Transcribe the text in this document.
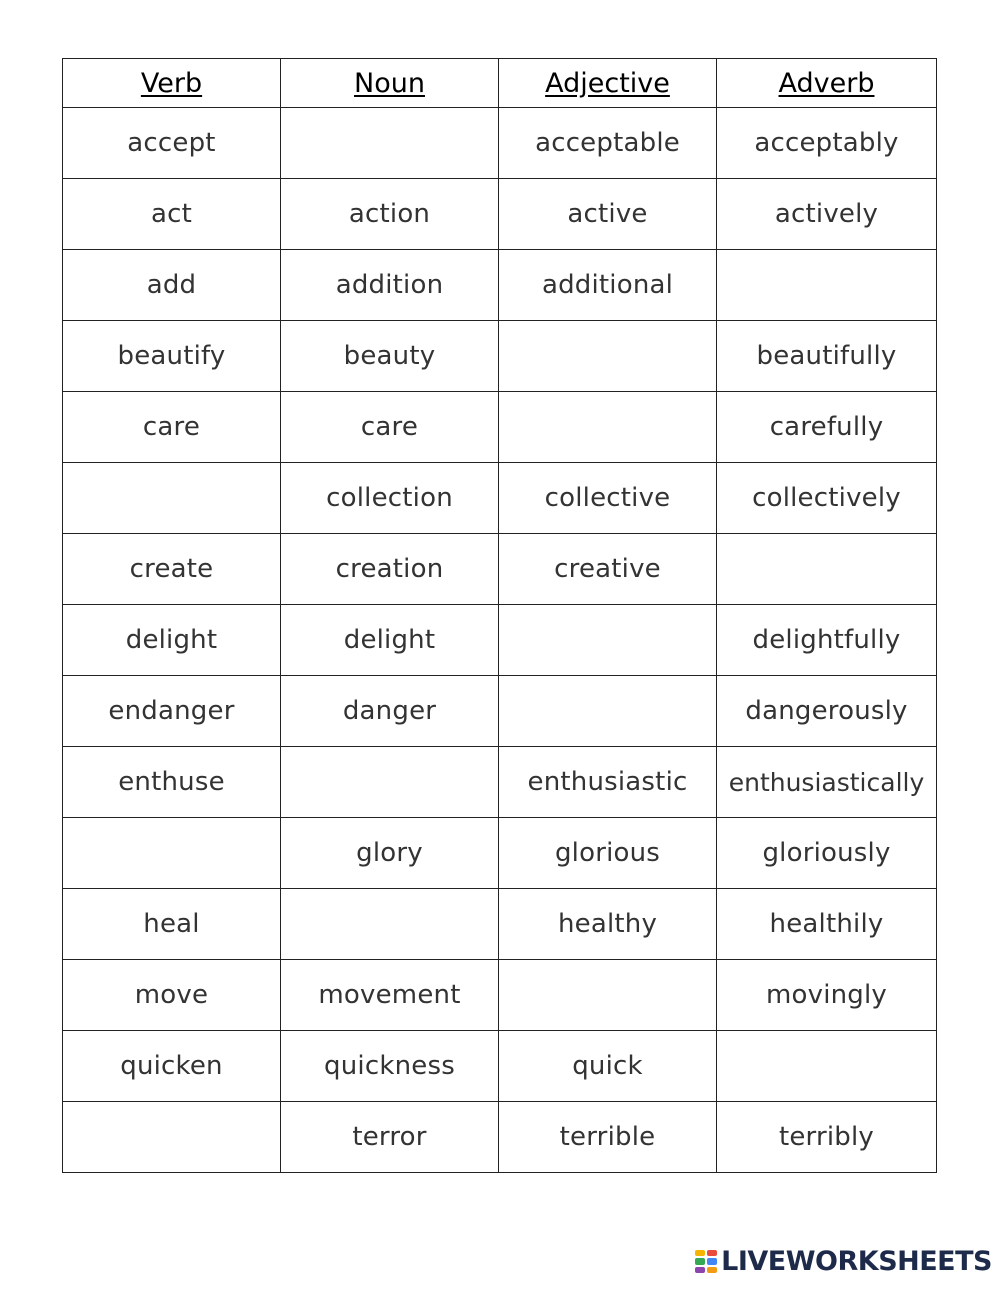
Verb	Noun	Adjective	Adverb
accept		acceptable	acceptably
act	action	active	actively
add	addition	additional	
beautify	beauty		beautifully
care	care		carefully
	collection	collective	collectively
create	creation	creative	
delight	delight		delightfully
endanger	danger		dangerously
enthuse		enthusiastic	enthusiastically
	glory	glorious	gloriously
heal		healthy	healthily
move	movement		movingly
quicken	quickness	quick	
	terror	terrible	terribly
LIVEWORKSHEETS
